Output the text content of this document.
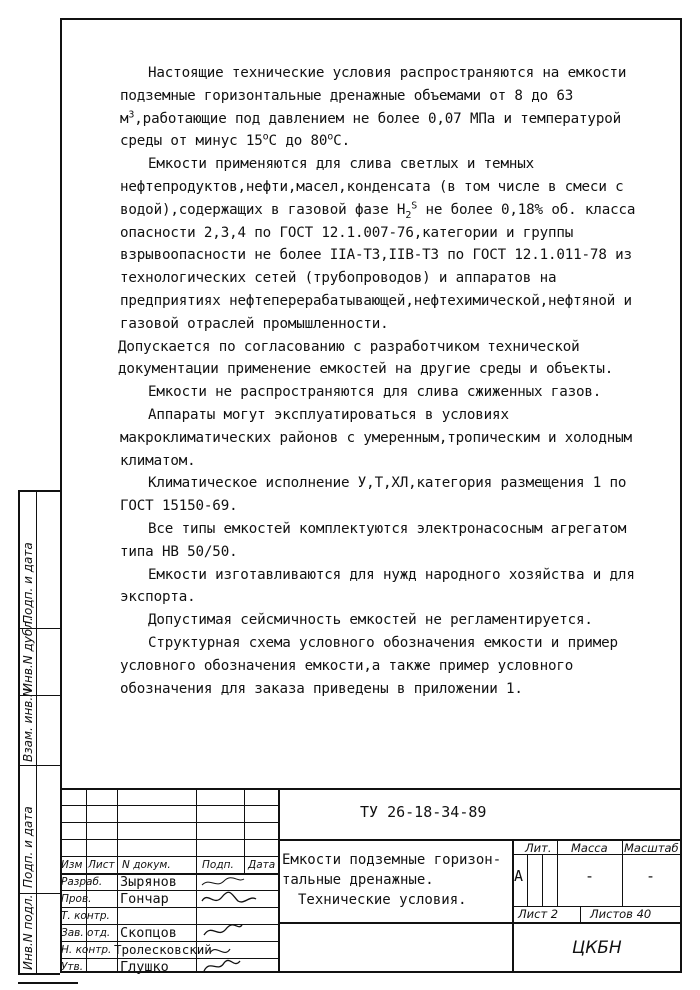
Настоящие технические условия распространяются на емкости подземные горизонтальные дренажные объемами от 8 до 63 $м^3,работающие$ под давлением не более 0,07 МПа и температурой среды от минус $15^оС$ до $80^оС$.

Емкости применяются для слива светлых и темных нефтепродуктов,нефти,масел,конденсата (в том числе в смеси с водой),содержащих в газовой фазе $Н_2^S$ не более 0,18% об. класса опасности 2,3,4 по ГОСТ 12.1.007-76,категории и группы взрывоопасности не более IIА-Т3,IIВ-Т3 по ГОСТ 12.1.011-78 из технологических сетей (трубопроводов) и аппаратов на предприятиях нефтеперерабатывающей,нефтехимической,нефтяной и газовой отраслей промышленности.

Допускается по согласованию с разработчиком технической документации применение емкостей на другие среды и объекты.

Емкости не распространяются для слива сжиженных газов.

Аппараты могут эксплуатироваться в условиях макроклиматических районов с умеренным,тропическим и холодным климатом.

Климатическое исполнение У,Т,ХЛ,категория размещения 1 по ГОСТ 15150-69.

Все типы емкостей комплектуются электронасосным агрегатом типа НВ 50/50.

Емкости изготавливаются для нужд народного хозяйства и для экспорта.

Допустимая сейсмичность емкостей не регламентируется.

Структурная схема условного обозначения емкости и пример условного обозначения емкости,а также пример условного обозначения для заказа приведены в приложении 1.

Подп. и дата
Инв.N дубл.
Взам. инв.N
Подп. и дата
Инв.N подл.
Изм Лист N докум.	Подп. Дата
Разраб.
Пров.
Т. контр.
Зав. отд.
Н. контр.
Утв.
Зырянов
Гончар
Скопцов
Тролесковский
Глушко
ТУ 26-18-34-89
Емкости подземные горизон-
тальные дренажные.
Технические условия.
Лит.
А
Масса
-
Масштаб
-
Лист 2	Листов 40
ЦКБН
